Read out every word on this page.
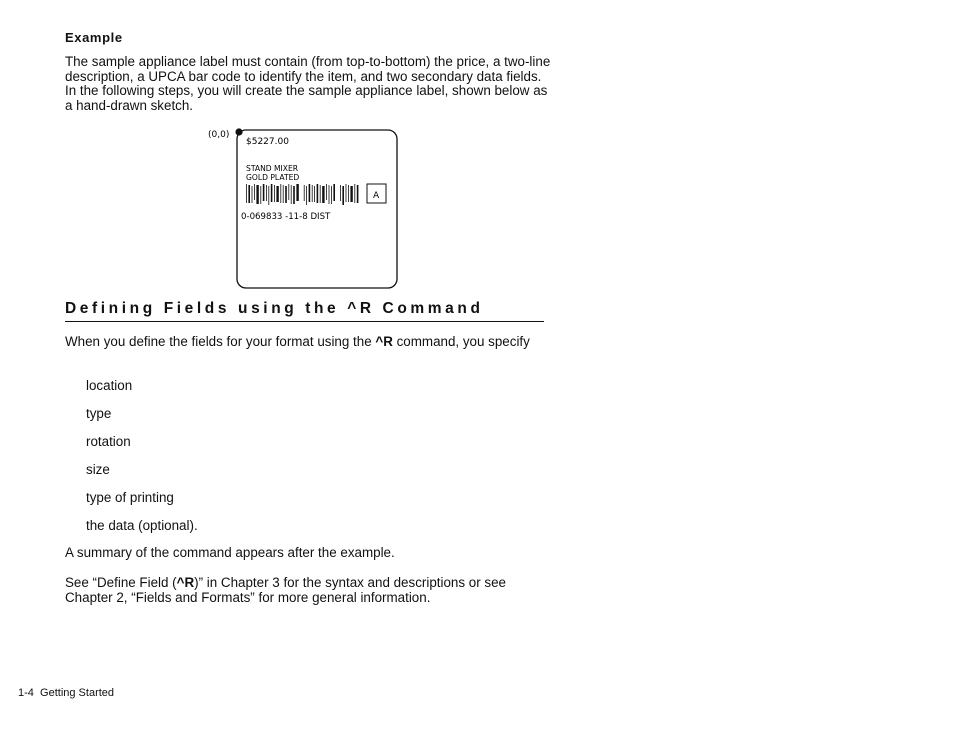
Example

The sample appliance label must contain (from top-to-bottom) the price, a two-line description, a UPCA bar code to identify the item, and two secondary data fields. In the following steps, you will create the sample appliance label, shown below as a hand-drawn sketch.

(0,0)
$5227.00
STAND MIXER
GOLD PLATED
A
0-069833 -11-8 DIST
Defining Fields using the ^R Command

When you define the fields for your format using the ^R command, you specify

location
type
rotation
size
type of printing
the data (optional).

A summary of the command appears after the example.

See “Define Field (^R)” in Chapter 3 for the syntax and descriptions or see Chapter 2, “Fields and Formats” for more general information.

1-4 Getting Started
